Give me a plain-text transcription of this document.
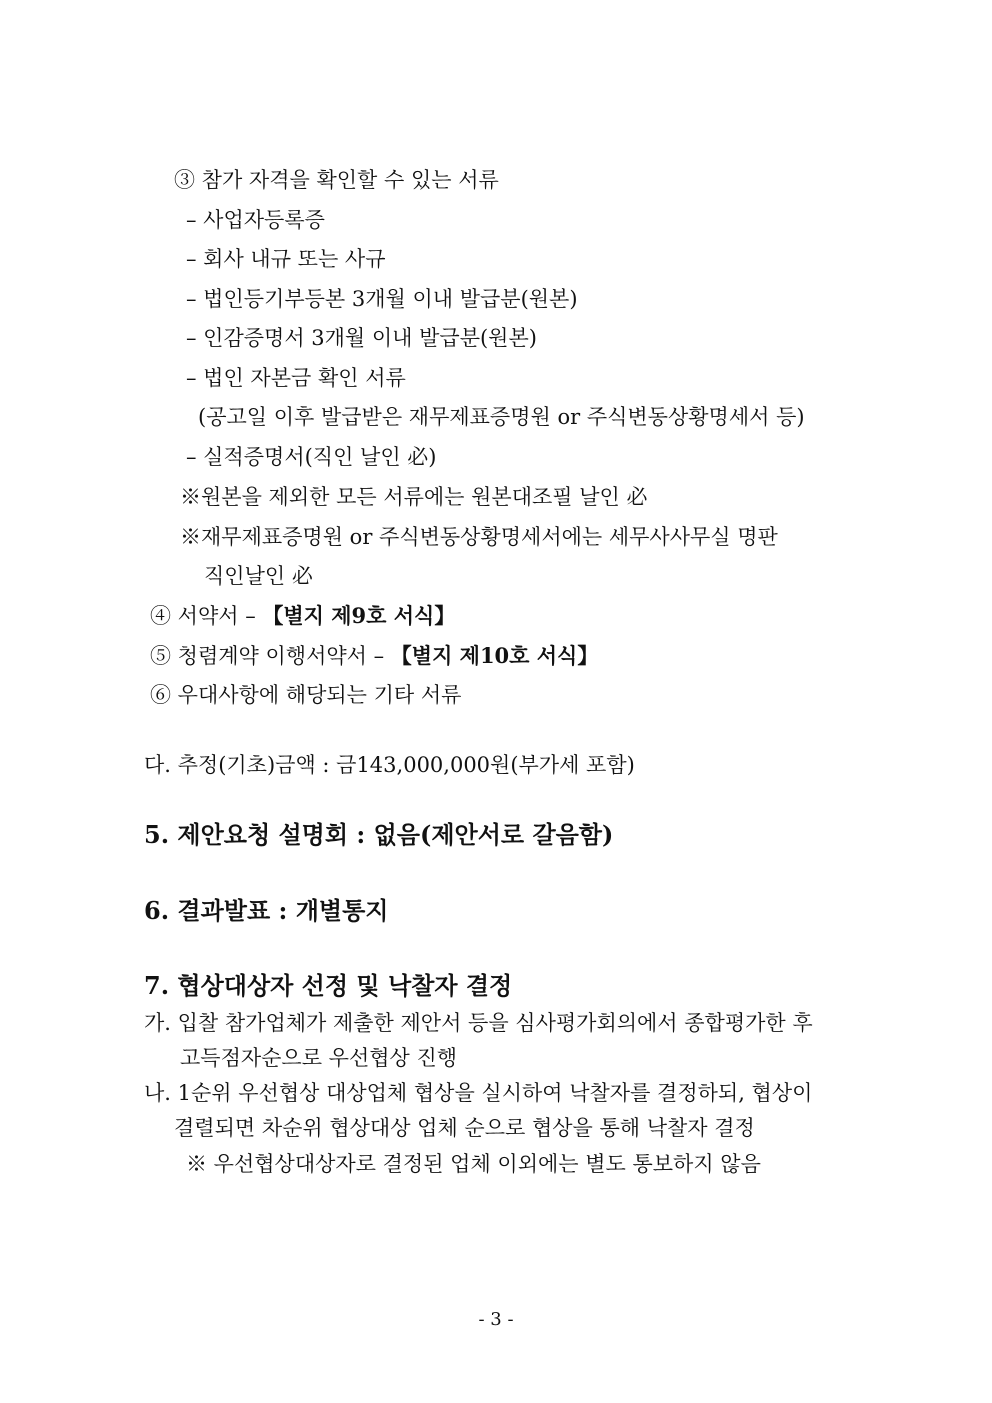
③ 참가 자격을 확인할 수 있는 서류
– 사업자등록증
– 회사 내규 또는 사규
– 법인등기부등본 3개월 이내 발급분(원본)
– 인감증명서 3개월 이내 발급분(원본)
– 법인 자본금 확인 서류
(공고일 이후 발급받은 재무제표증명원 or 주식변동상황명세서 등)
– 실적증명서(직인 날인 必)
※원본을 제외한 모든 서류에는 원본대조필 날인 必
※재무제표증명원 or 주식변동상황명세서에는 세무사사무실 명판
직인날인 必
④ 서약서 – 【별지 제9호 서식】
⑤ 청렴계약 이행서약서 – 【별지 제10호 서식】
⑥ 우대사항에 해당되는 기타 서류
다. 추정(기초)금액 : 금143,000,000원(부가세 포함)
5. 제안요청 설명회 : 없음(제안서로 갈음함)
6. 결과발표 : 개별통지
7. 협상대상자 선정 및 낙찰자 결정
가. 입찰 참가업체가 제출한 제안서 등을 심사평가회의에서 종합평가한 후
고득점자순으로 우선협상 진행
나. 1순위 우선협상 대상업체 협상을 실시하여 낙찰자를 결정하되, 협상이
결렬되면 차순위 협상대상 업체 순으로 협상을 통해 낙찰자 결정
※ 우선협상대상자로 결정된 업체 이외에는 별도 통보하지 않음
- 3 -
